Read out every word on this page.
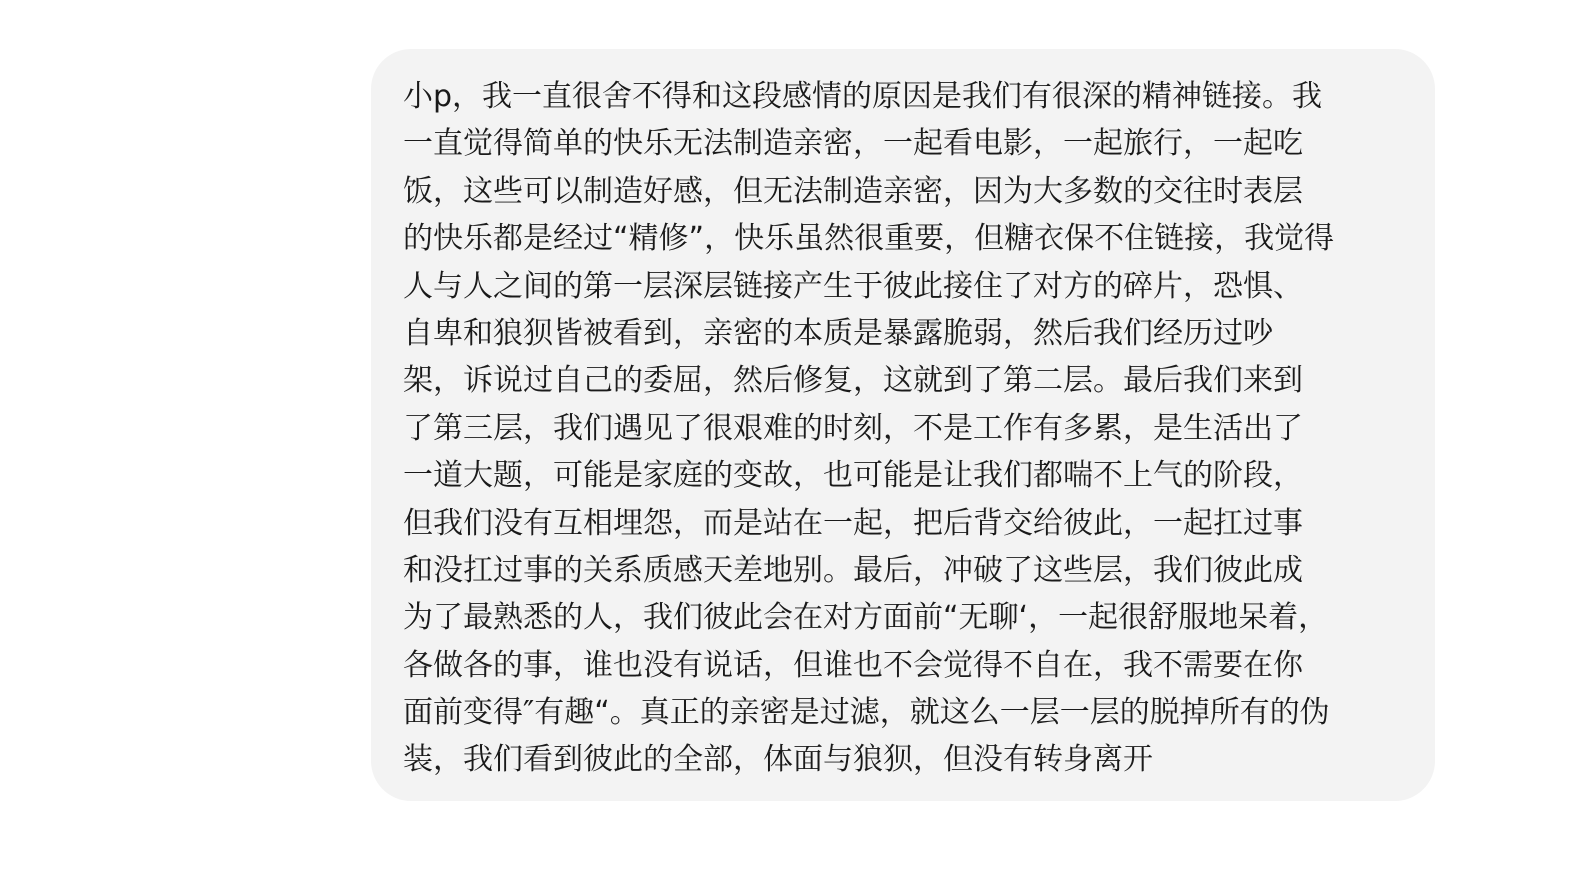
小p，我一直很舍不得和这段感情的原因是我们有很深的精神链接。我
一直觉得简单的快乐无法制造亲密，一起看电影，一起旅行，一起吃
饭，这些可以制造好感，但无法制造亲密，因为大多数的交往时表层
的快乐都是经过“精修”，快乐虽然很重要，但糖衣保不住链接，我觉得
人与人之间的第一层深层链接产生于彼此接住了对方的碎片，恐惧、
自卑和狼狈皆被看到，亲密的本质是暴露脆弱，然后我们经历过吵
架，诉说过自己的委屈，然后修复，这就到了第二层。最后我们来到
了第三层，我们遇见了很艰难的时刻，不是工作有多累，是生活出了
一道大题，可能是家庭的变故，也可能是让我们都喘不上气的阶段，
但我们没有互相埋怨，而是站在一起，把后背交给彼此，一起扛过事
和没扛过事的关系质感天差地别。最后，冲破了这些层，我们彼此成
为了最熟悉的人，我们彼此会在对方面前“无聊‘，一起很舒服地呆着，
各做各的事，谁也没有说话，但谁也不会觉得不自在，我不需要在你
面前变得″有趣“。真正的亲密是过滤，就这么一层一层的脱掉所有的伪
装，我们看到彼此的全部，体面与狼狈，但没有转身离开
